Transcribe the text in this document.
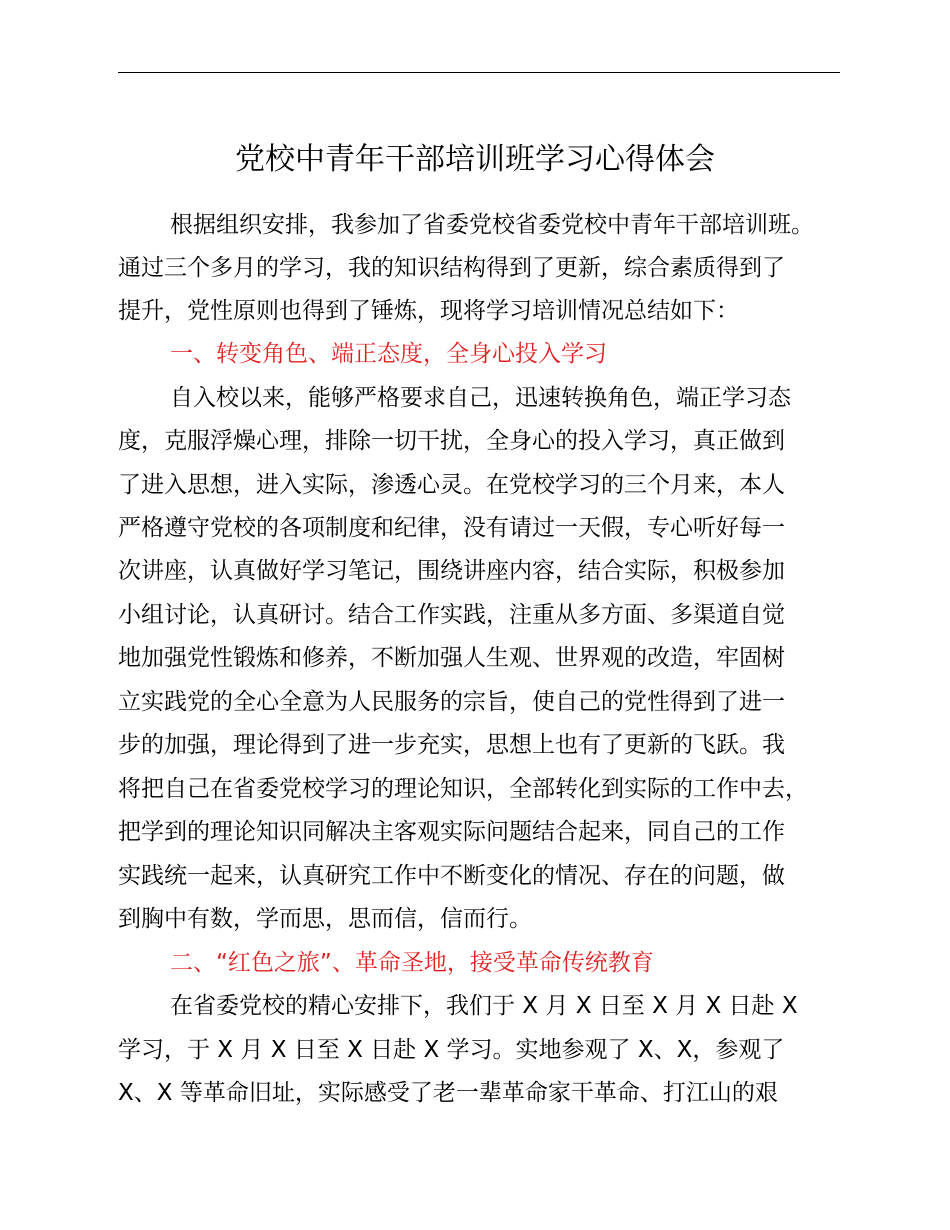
党校中青年干部培训班学习心得体会

根据组织安排，我参加了省委党校省委党校中青年干部培训班。

通过三个多月的学习，我的知识结构得到了更新，综合素质得到了

提升，党性原则也得到了锤炼，现将学习培训情况总结如下：

一、转变角色、端正态度，全身心投入学习

自入校以来，能够严格要求自己，迅速转换角色，端正学习态

度，克服浮燥心理，排除一切干扰，全身心的投入学习，真正做到

了进入思想，进入实际，渗透心灵。在党校学习的三个月来，本人

严格遵守党校的各项制度和纪律，没有请过一天假，专心听好每一

次讲座，认真做好学习笔记，围绕讲座内容，结合实际，积极参加

小组讨论，认真研讨。结合工作实践，注重从多方面、多渠道自觉

地加强党性锻炼和修养，不断加强人生观、世界观的改造，牢固树

立实践党的全心全意为人民服务的宗旨，使自己的党性得到了进一

步的加强，理论得到了进一步充实，思想上也有了更新的飞跃。我

将把自己在省委党校学习的理论知识，全部转化到实际的工作中去，

把学到的理论知识同解决主客观实际问题结合起来，同自己的工作

实践统一起来，认真研究工作中不断变化的情况、存在的问题，做

到胸中有数，学而思，思而信，信而行。

二、“红色之旅”、革命圣地，接受革命传统教育

在省委党校的精心安排下，我们于 X 月 X 日至 X 月 X 日赴 X

学习，于 X 月 X 日至 X 日赴 X 学习。实地参观了 X、X，参观了

X、X 等革命旧址，实际感受了老一辈革命家干革命、打江山的艰
